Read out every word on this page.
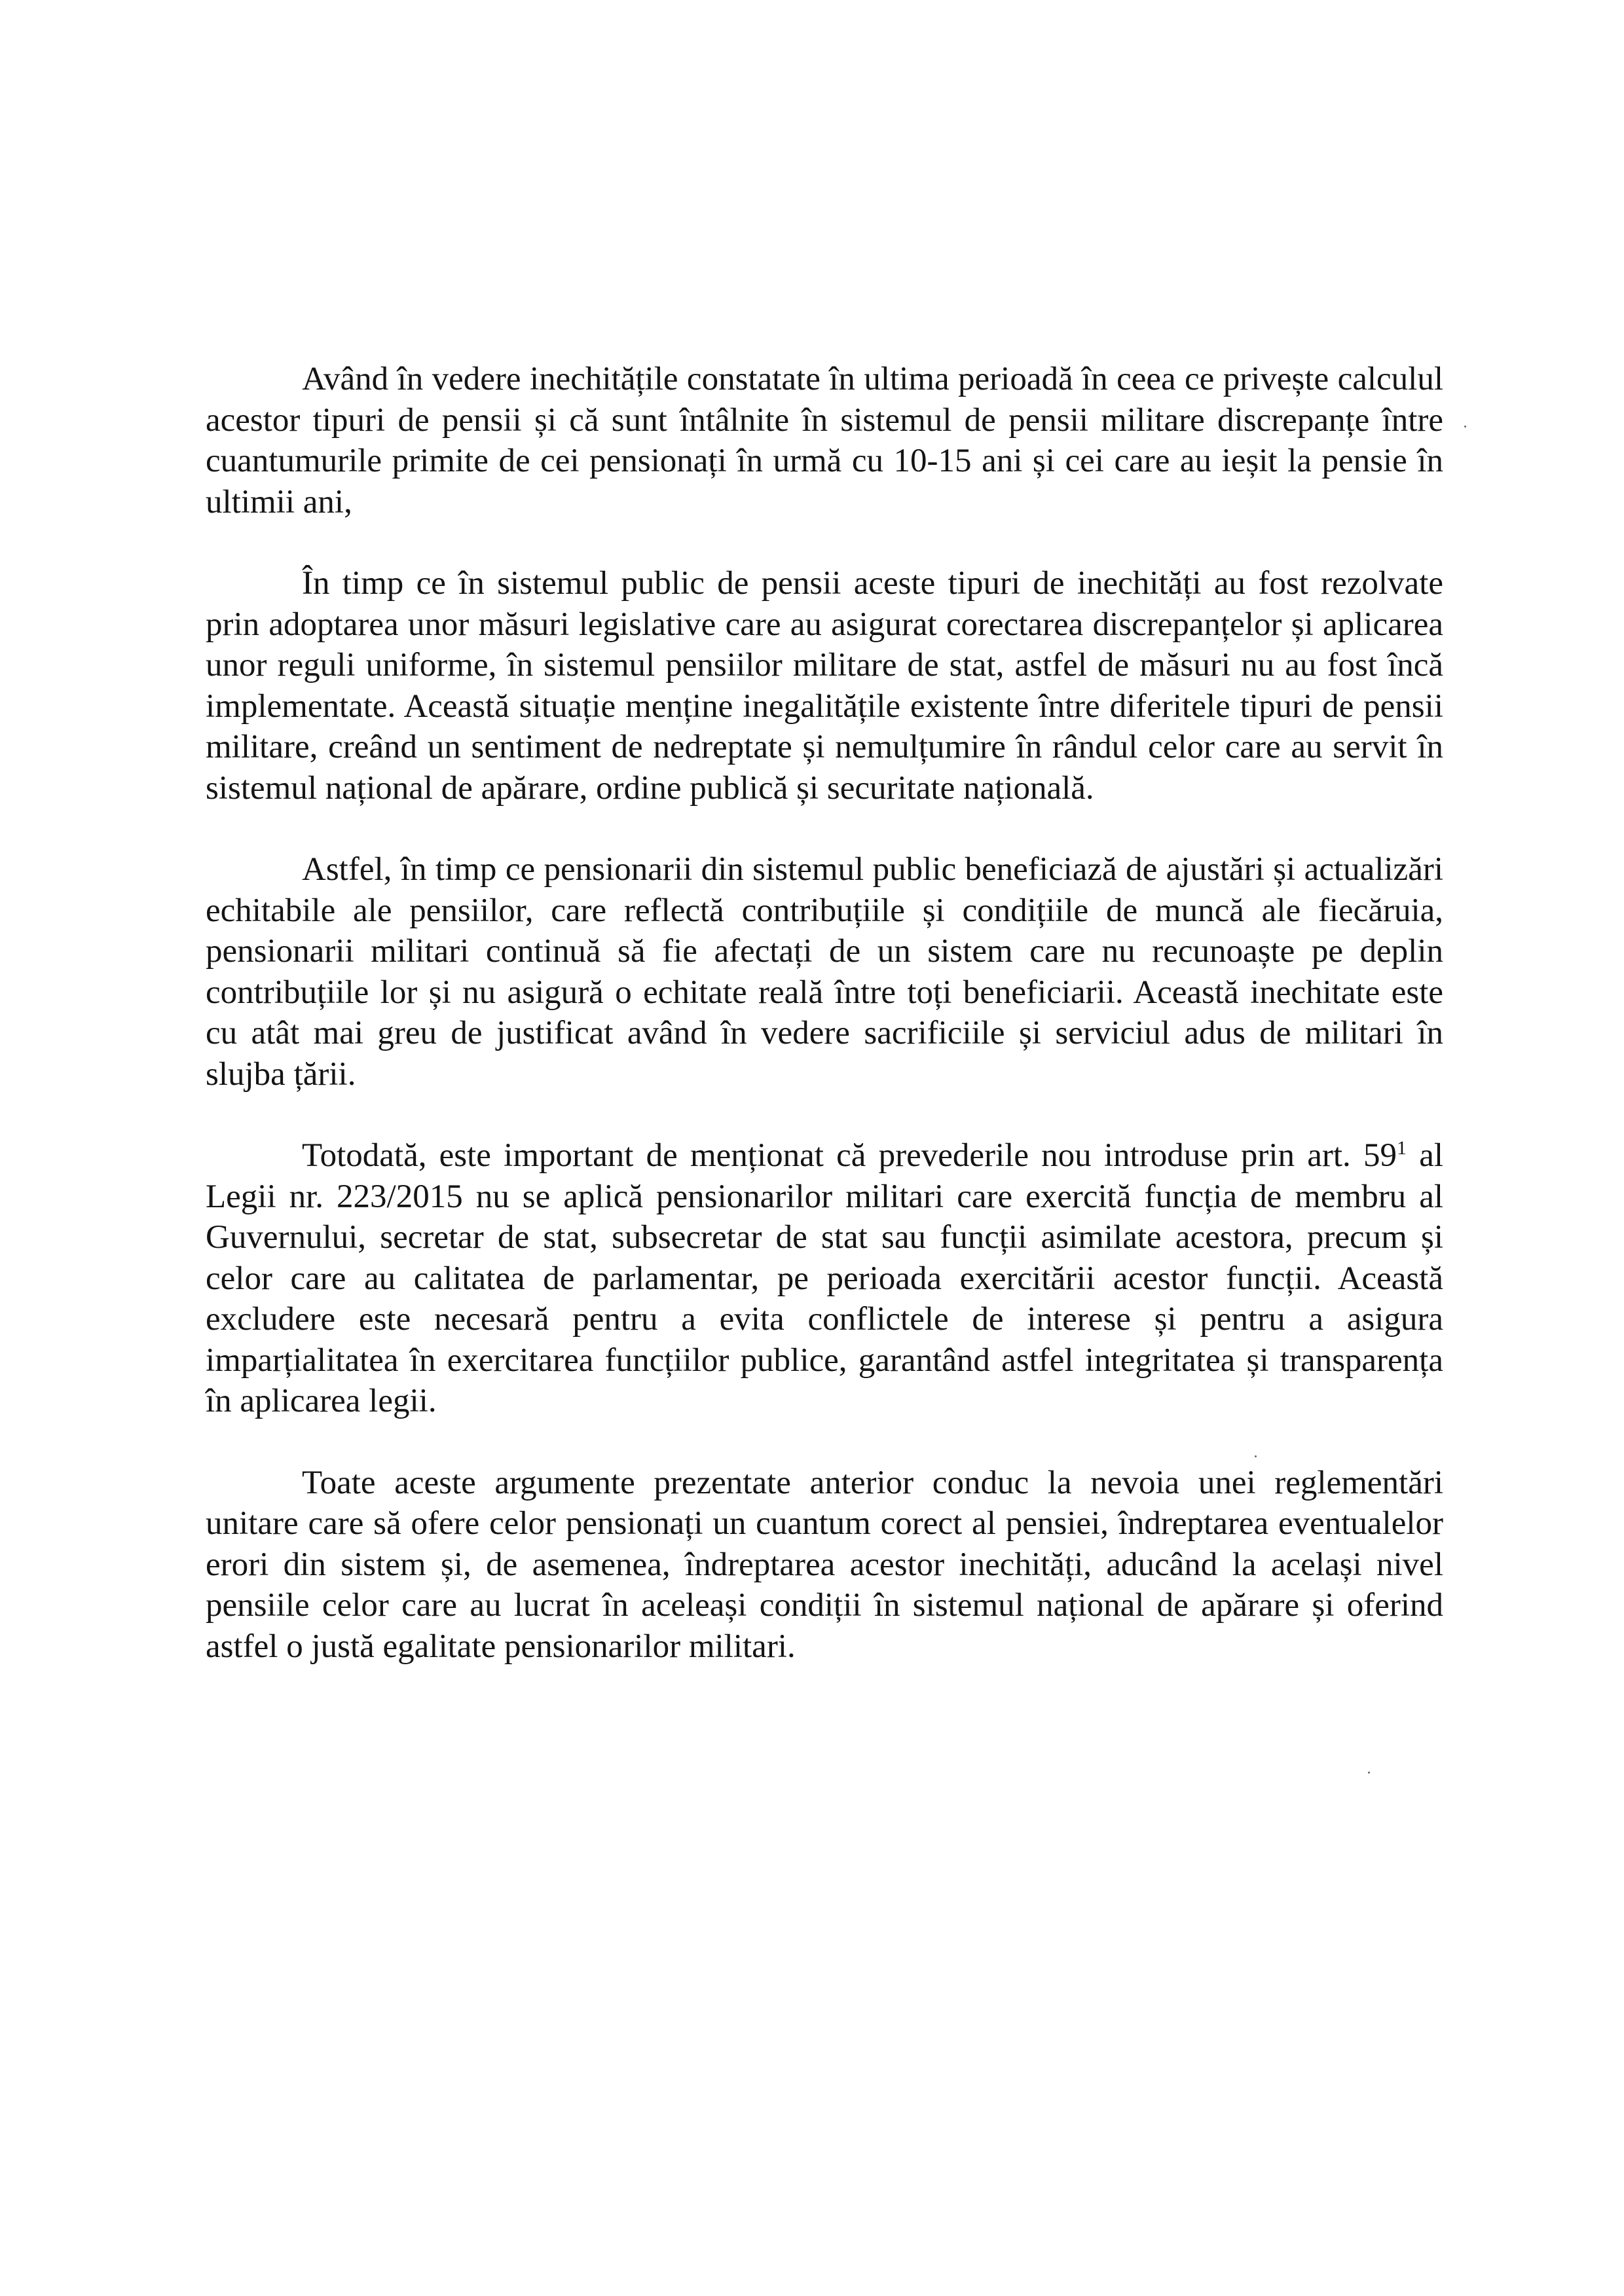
Având în vedere inechitățile constatate în ultima perioadă în ceea ce privește calculul acestor tipuri de pensii și că sunt întâlnite în sistemul de pensii militare discrepanțe între cuantumurile primite de cei pensionați în urmă cu 10-15 ani și cei care au ieșit la pensie în ultimii ani,

În timp ce în sistemul public de pensii aceste tipuri de inechități au fost rezolvate prin adoptarea unor măsuri legislative care au asigurat corectarea discrepanțelor și aplicarea unor reguli uniforme, în sistemul pensiilor militare de stat, astfel de măsuri nu au fost încă implementate. Această situație menține inegalitățile existente între diferitele tipuri de pensii militare, creând un sentiment de nedreptate și nemulțumire în rândul celor care au servit în sistemul național de apărare, ordine publică și securitate națională.

Astfel, în timp ce pensionarii din sistemul public beneficiază de ajustări și actualizări echitabile ale pensiilor, care reflectă contribuțiile și condițiile de muncă ale fiecăruia, pensionarii militari continuă să fie afectați de un sistem care nu recunoaște pe deplin contribuțiile lor și nu asigură o echitate reală între toți beneficiarii. Această inechitate este cu atât mai greu de justificat având în vedere sacrificiile și serviciul adus de militari în slujba țării.

Totodată, este important de menționat că prevederile nou introduse prin art. $59^1$ al Legii nr. 223/2015 nu se aplică pensionarilor militari care exercită funcția de membru al Guvernului, secretar de stat, subsecretar de stat sau funcții asimilate acestora, precum și celor care au calitatea de parlamentar, pe perioada exercitării acestor funcții. Această excludere este necesară pentru a evita conflictele de interese și pentru a asigura imparțialitatea în exercitarea funcțiilor publice, garantând astfel integritatea și transparența în aplicarea legii.

Toate aceste argumente prezentate anterior conduc la nevoia unei reglementări unitare care să ofere celor pensionați un cuantum corect al pensiei, îndreptarea eventualelor erori din sistem și, de asemenea, îndreptarea acestor inechități, aducând la același nivel pensiile celor care au lucrat în aceleași condiții în sistemul național de apărare și oferind astfel o justă egalitate pensionarilor militari.
